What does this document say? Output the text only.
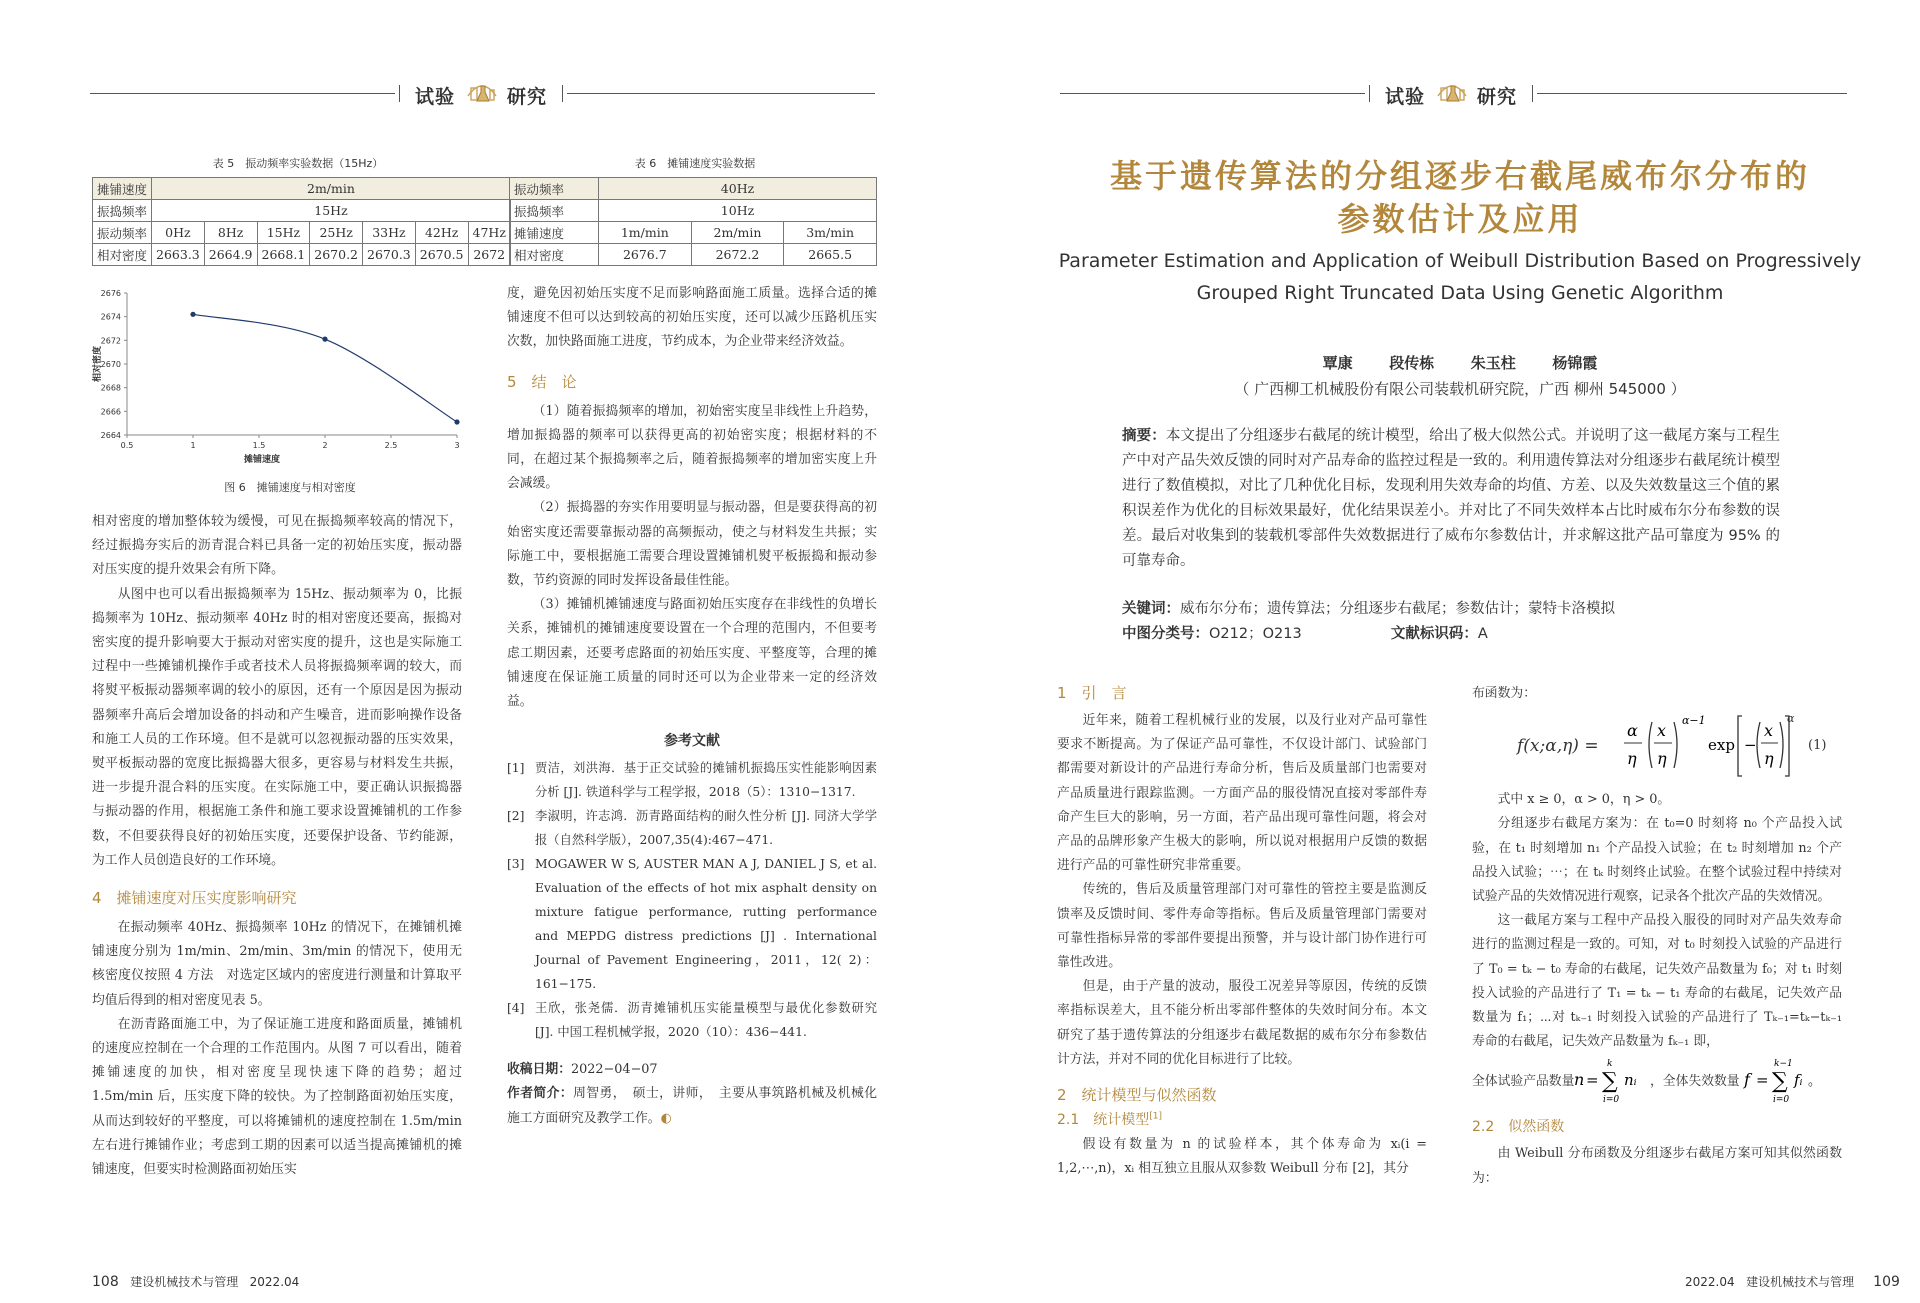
试验	研究	试验	研究
表 5　振动频率实验数据（15Hz）
摊铺速度	2m/min						
振捣频率	15Hz						
振动频率	0Hz	8Hz	15Hz	25Hz	33Hz	42Hz	47Hz
相对密度	2663.3	2664.9	2668.1	2670.2	2670.3	2670.5	2672
表 6　摊铺速度实验数据
振动频率	40Hz		
振捣频率	10Hz		
摊铺速度	1m/min	2m/min	3m/min
相对密度	2676.7	2672.2	2665.5
2676
2674
2672
2670
2668
2666
2664
0.5	1	1.5	2	2.5	3
摊铺速度
相对密度
图 6　摊铺速度与相对密度

相对密度的增加整体较为缓慢，可见在振捣频率较高的情况下，经过振捣夯实后的沥青混合料已具备一定的初始压实度，振动器对压实度的提升效果会有所下降。

从图中也可以看出振捣频率为 15Hz、振动频率为 0，比振捣频率为 10Hz、振动频率 40Hz 时的相对密度还要高，振捣对密实度的提升影响要大于振动对密实度的提升，这也是实际施工过程中一些摊铺机操作手或者技术人员将振捣频率调的较大，而将熨平板振动器频率调的较小的原因，还有一个原因是因为振动器频率升高后会增加设备的抖动和产生噪音，进而影响操作设备和施工人员的工作环境。但不是就可以忽视振动器的压实效果，熨平板振动器的宽度比振捣器大很多，更容易与材料发生共振，进一步提升混合料的压实度。在实际施工中，要正确认识振捣器与振动器的作用，根据施工条件和施工要求设置摊铺机的工作参数，不但要获得良好的初始压实度，还要保护设备、节约能源，为工作人员创造良好的工作环境。

4　摊铺速度对压实度影响研究

在振动频率 40Hz、振捣频率 10Hz 的情况下，在摊铺机摊铺速度分别为 1m/min、2m/min、3m/min 的情况下，使用无核密度仪按照 4 方法　对选定区域内的密度进行测量和计算取平均值后得到的相对密度见表 5。

在沥青路面施工中，为了保证施工进度和路面质量，摊铺机的速度应控制在一个合理的工作范围内。从图 7 可以看出，随着摊铺速度的加快，相对密度呈现快速下降的趋势；超过 1.5m/min 后，压实度下降的较快。为了控制路面初始压实度，从而达到较好的平整度，可以将摊铺机的速度控制在 1.5m/min 左右进行摊铺作业；考虑到工期的因素可以适当提高摊铺机的摊铺速度，但要实时检测路面初始压实

度，避免因初始压实度不足而影响路面施工质量。选择合适的摊铺速度不但可以达到较高的初始压实度，还可以减少压路机压实次数，加快路面施工进度，节约成本，为企业带来经济效益。

5　结　论

（1）随着振捣频率的增加，初始密实度呈非线性上升趋势，增加振捣器的频率可以获得更高的初始密实度；根据材料的不同，在超过某个振捣频率之后，随着振捣频率的增加密实度上升会减缓。

（2）振捣器的夯实作用要明显与振动器，但是要获得高的初始密实度还需要靠振动器的高频振动，使之与材料发生共振；实际施工中，要根据施工需要合理设置摊铺机熨平板振捣和振动参数，节约资源的同时发挥设备最佳性能。

（3）摊铺机摊铺速度与路面初始压实度存在非线性的负增长关系，摊铺机的摊铺速度要设置在一个合理的范围内，不但要考虑工期因素，还要考虑路面的初始压实度、平整度等，合理的摊铺速度在保证施工质量的同时还可以为企业带来一定的经济效益。

参考文献

[1] 贾洁，刘洪海．基于正交试验的摊铺机振捣压实性能影响因素分析 [J]. 铁道科学与工程学报，2018（5）：1310−1317.
[2] 李淑明，许志鸿．沥青路面结构的耐久性分析 [J]. 同济大学学报（自然科学版），2007,35(4):467−471.
[3] MOGAWER W S, AUSTER MAN A J, DANIEL J S, et al. Evaluation of the effects of hot mix asphalt density on mixture fatigue performance, rutting performance and MEPDG distress predictions [J] . International Journal of Pavement Engineering，2011，12( 2)：161−175.
[4] 王欣，张尧儒．沥青摊铺机压实能量模型与最优化参数研究 [J]. 中国工程机械学报，2020（10）：436−441.

收稿日期：2022−04−07

作者简介：周智勇，　硕士，讲师，　主要从事筑路机械及机械化施工方面研究及教学工作。◐

108 建设机械技术与管理 2022.04
基于遗传算法的分组逐步右截尾威布尔分布的
参数估计及应用
Parameter Estimation and Application of Weibull Distribution Based on Progressively
Grouped Right Truncated Data Using Genetic Algorithm
覃康 段传栋 朱玉柱 杨锦霞
（ 广西柳工机械股份有限公司装载机研究院，广西 柳州 545000 ）
摘要：本文提出了分组逐步右截尾的统计模型，给出了极大似然公式。并说明了这一截尾方案与工程生产中对产品失效反馈的同时对产品寿命的监控过程是一致的。利用遗传算法对分组逐步右截尾统计模型进行了数值模拟，对比了几种优化目标，发现利用失效寿命的均值、方差、以及失效数量这三个值的累积误差作为优化的目标效果最好，优化结果误差小。并对比了不同失效样本占比时威布尔分布参数的误差。最后对收集到的装载机零部件失效数据进行了威布尔参数估计，并求解这批产品可靠度为 95% 的可靠寿命。
关键词：威布尔分布；遗传算法；分组逐步右截尾；参数估计；蒙特卡洛模拟
中图分类号：O212；O213	文献标识码：A

1　引　言

近年来，随着工程机械行业的发展，以及行业对产品可靠性要求不断提高。为了保证产品可靠性，不仅设计部门、试验部门都需要对新设计的产品进行寿命分析，售后及质量部门也需要对产品质量进行跟踪监测。一方面产品的服役情况直接对零部件寿命产生巨大的影响，另一方面，若产品出现可靠性问题，将会对产品的品牌形象产生极大的影响，所以说对根据用户反馈的数据进行产品的可靠性研究非常重要。

传统的，售后及质量管理部门对可靠性的管控主要是监测反馈率及反馈时间、零件寿命等指标。售后及质量管理部门需要对可靠性指标异常的零部件要提出预警，并与设计部门协作进行可靠性改进。

但是，由于产量的波动，服役工况差异等原因，传统的反馈率指标误差大，且不能分析出零部件整体的失效时间分布。本文研究了基于遗传算法的分组逐步右截尾数据的威布尔分布参数估计方法，并对不同的优化目标进行了比较。

2　统计模型与似然函数

2.1　统计模型[1]

假设有数量为 n 的试验样本，其个体寿命为 xᵢ(i = 1,2,⋯,n)，xᵢ 相互独立且服从双参数 Weibull 分布 [2]，其分

布函数为：

f(x;α,η) =
α
η
x
η
α−1
exp −
x
η
α
(1)

式中 x ≥ 0，α > 0，η > 0。

分组逐步右截尾方案为：在 t₀=0 时刻将 n₀ 个产品投入试验，在 t₁ 时刻增加 n₁ 个产品投入试验；在 t₂ 时刻增加 n₂ 个产品投入试验；⋯；在 tₖ 时刻终止试验。在整个试验过程中持续对试验产品的失效情况进行观察，记录各个批次产品的失效情况。

这一截尾方案与工程中产品投入服役的同时对产品失效寿命进行的监测过程是一致的。可知，对 t₀ 时刻投入试验的产品进行了 T₀ = tₖ − t₀ 寿命的右截尾，记失效产品数量为 f₀；对 t₁ 时刻投入试验的产品进行了 T₁ = tₖ − t₁ 寿命的右截尾，记失效产品数量为 f₁；⋯对 tₖ₋₁ 时刻投入试验的产品进行了 Tₖ₋₁=tₖ−tₖ₋₁ 寿命的右截尾，记失效产品数量为 fₖ₋₁ 即，

全体试验产品数量 n = ∑
k
i=0
nᵢ ，全体失效数量 f = ∑
k−1
i=0
fᵢ 。

2.2　似然函数

由 Weibull 分布函数及分组逐步右截尾方案可知其似然函数为：

2022.04 建设机械技术与管理 109
